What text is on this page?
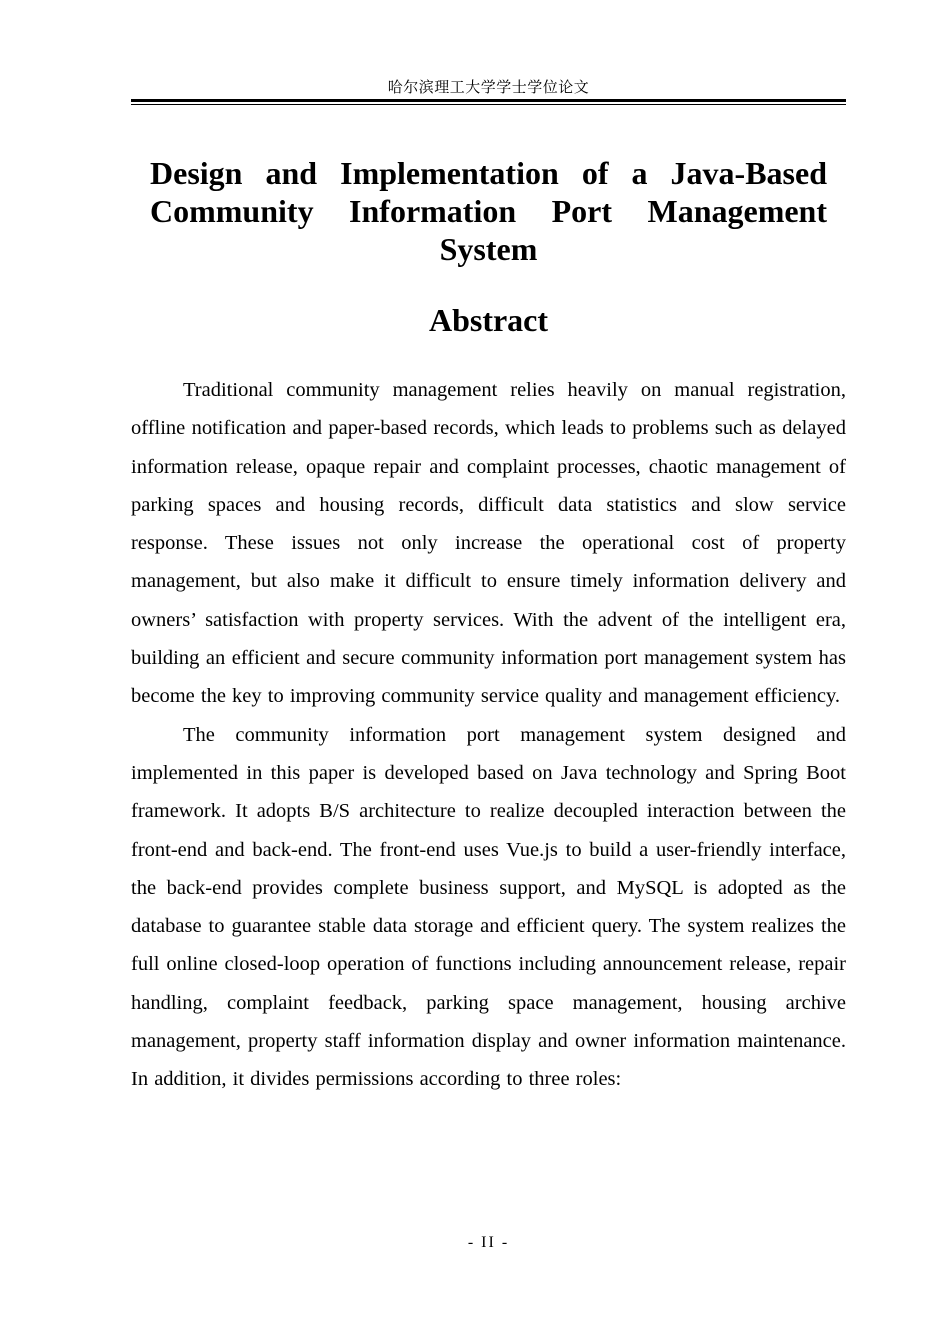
哈尔滨理工大学学士学位论文
Design and Implementation of a Java-Based Community Information Port Management System
Abstract

Traditional community management relies heavily on manual registration, offline notification and paper-based records, which leads to problems such as delayed information release, opaque repair and complaint processes, chaotic management of parking spaces and housing records, difficult data statistics and slow service response. These issues not only increase the operational cost of property management, but also make it difficult to ensure timely information delivery and owners’ satisfaction with property services. With the advent of the intelligent era, building an efficient and secure community information port management system has become the key to improving community service quality and management efficiency.

The community information port management system designed and implemented in this paper is developed based on Java technology and Spring Boot framework. It adopts B/S architecture to realize decoupled interaction between the front-end and back-end. The front-end uses Vue.js to build a user-friendly interface, the back-end provides complete business support, and MySQL is adopted as the database to guarantee stable data storage and efficient query. The system realizes the full online closed-loop operation of functions including announcement release, repair handling, complaint feedback, parking space management, housing archive management, property staff information display and owner information maintenance. In addition, it divides permissions according to three roles:

- II -
